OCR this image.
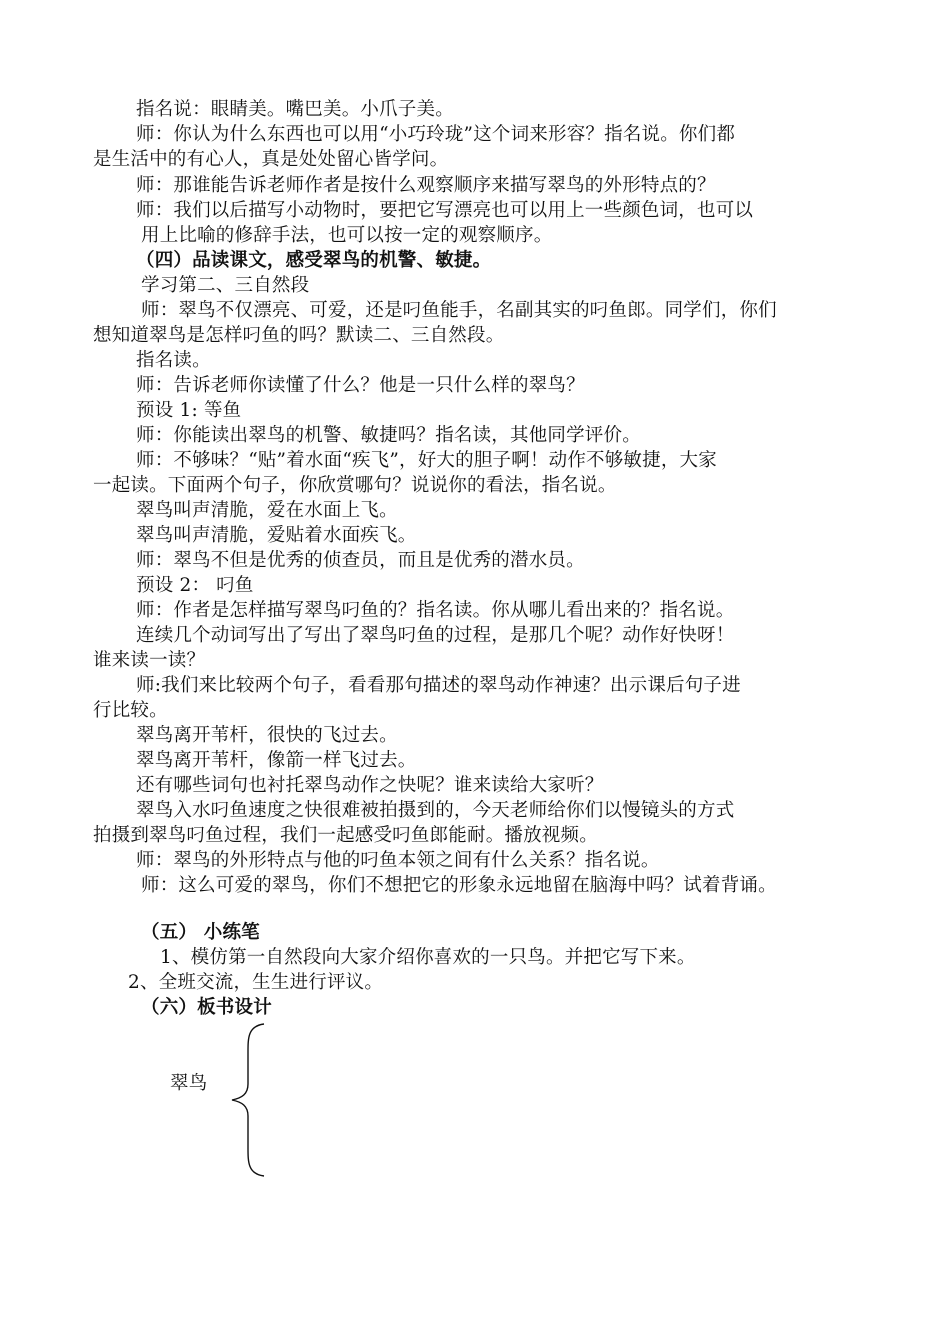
指名说：眼睛美。嘴巴美。小爪子美。
师：你认为什么东西也可以用“小巧玲珑”这个词来形容？指名说。你们都
是生活中的有心人，真是处处留心皆学问。
师：那谁能告诉老师作者是按什么观察顺序来描写翠鸟的外形特点的？
师：我们以后描写小动物时，要把它写漂亮也可以用上一些颜色词，也可以
用上比喻的修辞手法，也可以按一定的观察顺序。
（四）品读课文，感受翠鸟的机警、敏捷。
学习第二、三自然段
师：翠鸟不仅漂亮、可爱，还是叼鱼能手，名副其实的叼鱼郎。同学们，你们
想知道翠鸟是怎样叼鱼的吗？默读二、三自然段。
指名读。
师：告诉老师你读懂了什么？他是一只什么样的翠鸟？
预设 1: 等鱼
师：你能读出翠鸟的机警、敏捷吗？指名读，其他同学评价。
师：不够味？“贴”着水面“疾飞”，好大的胆子啊！动作不够敏捷，大家
一起读。下面两个句子，你欣赏哪句？说说你的看法，指名说。
翠鸟叫声清脆，爱在水面上飞。
翠鸟叫声清脆，爱贴着水面疾飞。
师：翠鸟不但是优秀的侦查员，而且是优秀的潜水员。
预设 2： 叼鱼
师：作者是怎样描写翠鸟叼鱼的？指名读。你从哪儿看出来的？指名说。
连续几个动词写出了写出了翠鸟叼鱼的过程，是那几个呢？动作好快呀！
谁来读一读？
师:我们来比较两个句子，看看那句描述的翠鸟动作神速？出示课后句子进
行比较。
翠鸟离开苇杆，很快的飞过去。
翠鸟离开苇杆，像箭一样飞过去。
还有哪些词句也衬托翠鸟动作之快呢？谁来读给大家听？
翠鸟入水叼鱼速度之快很难被拍摄到的，今天老师给你们以慢镜头的方式
拍摄到翠鸟叼鱼过程，我们一起感受叼鱼郎能耐。播放视频。
师：翠鸟的外形特点与他的叼鱼本领之间有什么关系？指名说。
师：这么可爱的翠鸟，你们不想把它的形象永远地留在脑海中吗？试着背诵。
（五） 小练笔
1、模仿第一自然段向大家介绍你喜欢的一只鸟。并把它写下来。
2、全班交流，生生进行评议。
（六）板书设计
翠鸟
